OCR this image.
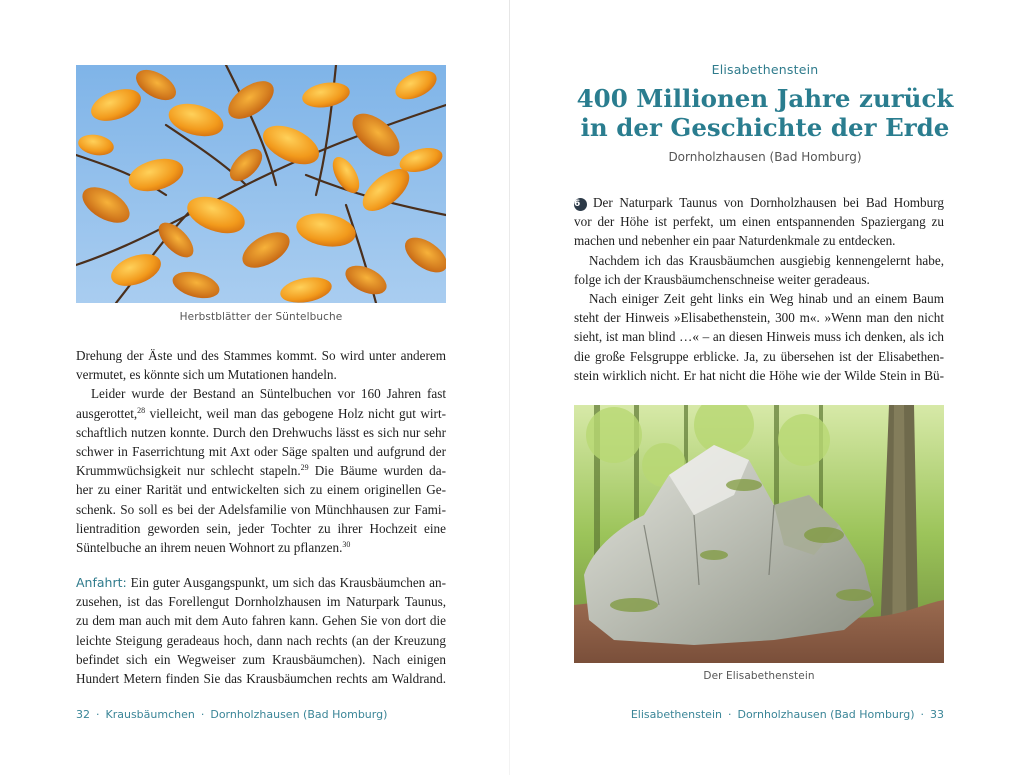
Herbstblätter der Süntelbuche
Drehung der Äste und des Stammes kommt. So wird unter anderem
vermutet, es könnte sich um Mutationen handeln.
Leider wurde der Bestand an Süntelbuchen vor 160 Jahren fast
ausgerottet,$^{28}$ vielleicht, weil man das gebogene Holz nicht gut wirt-
schaftlich nutzen konnte. Durch den Drehwuchs lässt es sich nur sehr
schwer in Faserrichtung mit Axt oder Säge spalten und aufgrund der
Krummwüchsigkeit nur schlecht stapeln.$^{29}$ Die Bäume wurden da-
her zu einer Rarität und entwickelten sich zu einem originellen Ge-
schenk. So soll es bei der Adelsfamilie von Münchhausen zur Fami-
lientradition geworden sein, jeder Tochter zu ihrer Hochzeit eine
Süntelbuche an ihrem neuen Wohnort zu pflanzen.$^{30}$
Anfahrt: Ein guter Ausgangspunkt, um sich das Krausbäumchen an-
zusehen, ist das Forellengut Dornholzhausen im Naturpark Taunus,
zu dem man auch mit dem Auto fahren kann. Gehen Sie von dort die
leichte Steigung geradeaus hoch, dann nach rechts (an der Kreuzung
befindet sich ein Wegweiser zum Krausbäumchen). Nach einigen
Hundert Metern finden Sie das Krausbäumchen rechts am Waldrand.
32 · Krausbäumchen · Dornholzhausen (Bad Homburg)
Elisabethenstein
400 Millionen Jahre zurück
in der Geschichte der Erde
Dornholzhausen (Bad Homburg)
6 Der Naturpark Taunus von Dornholzhausen bei Bad Homburg
vor der Höhe ist perfekt, um einen entspannenden Spaziergang zu
machen und nebenher ein paar Naturdenkmale zu entdecken.
Nachdem ich das Krausbäumchen ausgiebig kennengelernt habe,
folge ich der Krausbäumchenschneise weiter geradeaus.
Nach einiger Zeit geht links ein Weg hinab und an einem Baum
steht der Hinweis »Elisabethenstein, 300 m«. »Wenn man den nicht
sieht, ist man blind …« – an diesen Hinweis muss ich denken, als ich
die große Felsgruppe erblicke. Ja, zu übersehen ist der Elisabethen-
stein wirklich nicht. Er hat nicht die Höhe wie der Wilde Stein in Bü-
Der Elisabethenstein
Elisabethenstein · Dornholzhausen (Bad Homburg) · 33
